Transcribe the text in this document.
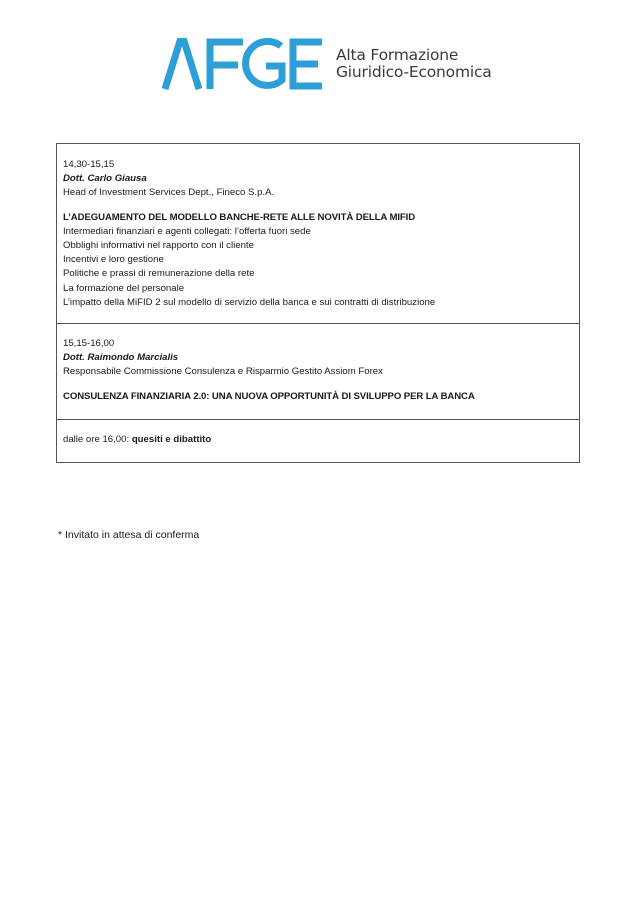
Alta Formazione
Giuridico-Economica
14,30-15,15
Dott. Carlo Giausa
Head of Investment Services Dept., Fineco S.p.A.
L’ADEGUAMENTO DEL MODELLO BANCHE-RETE ALLE NOVITÀ DELLA MIFID
Intermediari finanziari e agenti collegati: l’offerta fuori sede
Obblighi informativi nel rapporto con il cliente
Incentivi e loro gestione
Politiche e prassi di remunerazione della rete
La formazione del personale
L’impatto della MiFID 2 sul modello di servizio della banca e sui contratti di distribuzione
15,15-16,00
Dott. Raimondo Marcialis
Responsabile Commissione Consulenza e Risparmio Gestito Assiom Forex
CONSULENZA FINANZIARIA 2.0: UNA NUOVA OPPORTUNITÀ DI SVILUPPO PER LA BANCA
dalle ore 16,00: quesiti e dibattito
* Invitato in attesa di conferma
